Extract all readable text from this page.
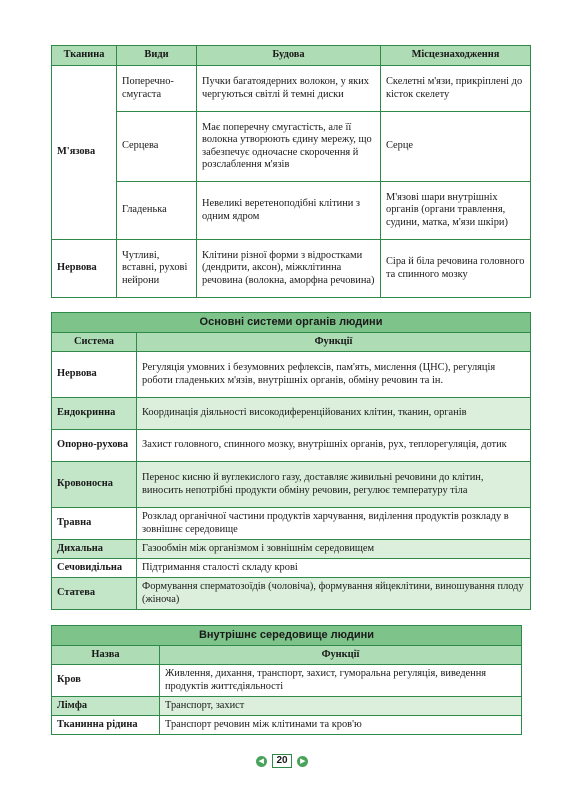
Тканина	Види	Будова	Місцезнаходження
М'язова	Поперечно-смугаста	Пучки багатоядерних волокон, у яких чергуються світлі й темні диски	Скелетні м'язи, прикріплені до кісток скелету
	Серцева	Має поперечну смугастість, але її волокна утворюють єдину мережу, що забезпечує одночасне скорочення й розслаблення м'язів	Серце
	Гладенька	Невеликі веретеноподібні клітини з одним ядром	М'язові шари внутрішніх органів (органи травлення, судини, матка, м'язи шкіри)
Нервова	Чутливі, вставні, рухові нейрони	Клітини різної форми з відростками (дендрити, аксон), міжклітинна речовина (волокна, аморфна речовина)	Сіра й біла речовина головного та спинного мозку
Основні системи органів людини	
Система	Функції
Нервова	Регуляція умовних і безумовних рефлексів, пам'ять, мислення (ЦНС), регуляція роботи гладеньких м'язів, внутрішніх органів, обміну речовин та ін.
Ендокринна	Координація діяльності високодиференційованих клітин, тканин, органів
Опорно-рухова	Захист головного, спинного мозку, внутрішніх органів, рух, теплорегуляція, дотик
Кровоносна	Перенос кисню й вуглекислого газу, доставляє живильні речовини до клітин, виносить непотрібні продукти обміну речовин, регулює температуру тіла
Травна	Розклад органічної частини продуктів харчування, виділення продуктів розкладу в зовнішнє середовище
Дихальна	Газообмін між організмом і зовнішнім середовищем
Сечовидільна	Підтримання сталості складу крові
Статева	Формування сперматозоїдів (чоловіча), формування яйцеклітини, виношування плоду (жіноча)
Внутрішнє середовище людини	
Назва	Функції
Кров	Живлення, дихання, транспорт, захист, гуморальна регуляція, виведення продуктів життєдіяльності
Лімфа	Транспорт, захист
Тканинна рідина	Транспорт речовин між клітинами та кров'ю
◀ 20 ▶
